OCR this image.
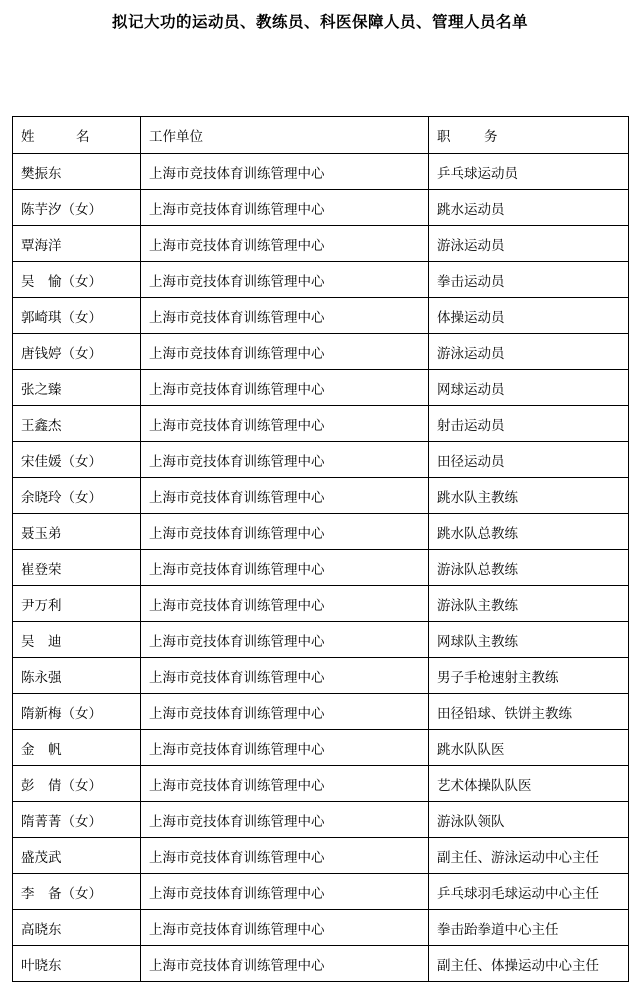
拟记大功的运动员、教练员、科医保障人员、管理人员名单
姓　名	工作单位	职　务
樊振东	上海市竞技体育训练管理中心	乒乓球运动员
陈芋汐（女）	上海市竞技体育训练管理中心	跳水运动员
覃海洋	上海市竞技体育训练管理中心	游泳运动员
吴　愉（女）	上海市竞技体育训练管理中心	拳击运动员
郭崎琪（女）	上海市竞技体育训练管理中心	体操运动员
唐钱婷（女）	上海市竞技体育训练管理中心	游泳运动员
张之臻	上海市竞技体育训练管理中心	网球运动员
王鑫杰	上海市竞技体育训练管理中心	射击运动员
宋佳媛（女）	上海市竞技体育训练管理中心	田径运动员
余晓玲（女）	上海市竞技体育训练管理中心	跳水队主教练
聂玉弟	上海市竞技体育训练管理中心	跳水队总教练
崔登荣	上海市竞技体育训练管理中心	游泳队总教练
尹万利	上海市竞技体育训练管理中心	游泳队主教练
吴　迪	上海市竞技体育训练管理中心	网球队主教练
陈永强	上海市竞技体育训练管理中心	男子手枪速射主教练
隋新梅（女）	上海市竞技体育训练管理中心	田径铅球、铁饼主教练
金　帆	上海市竞技体育训练管理中心	跳水队队医
彭　倩（女）	上海市竞技体育训练管理中心	艺术体操队队医
隋菁菁（女）	上海市竞技体育训练管理中心	游泳队领队
盛茂武	上海市竞技体育训练管理中心	副主任、游泳运动中心主任
李　备（女）	上海市竞技体育训练管理中心	乒乓球羽毛球运动中心主任
高晓东	上海市竞技体育训练管理中心	拳击跆拳道中心主任
叶晓东	上海市竞技体育训练管理中心	副主任、体操运动中心主任
